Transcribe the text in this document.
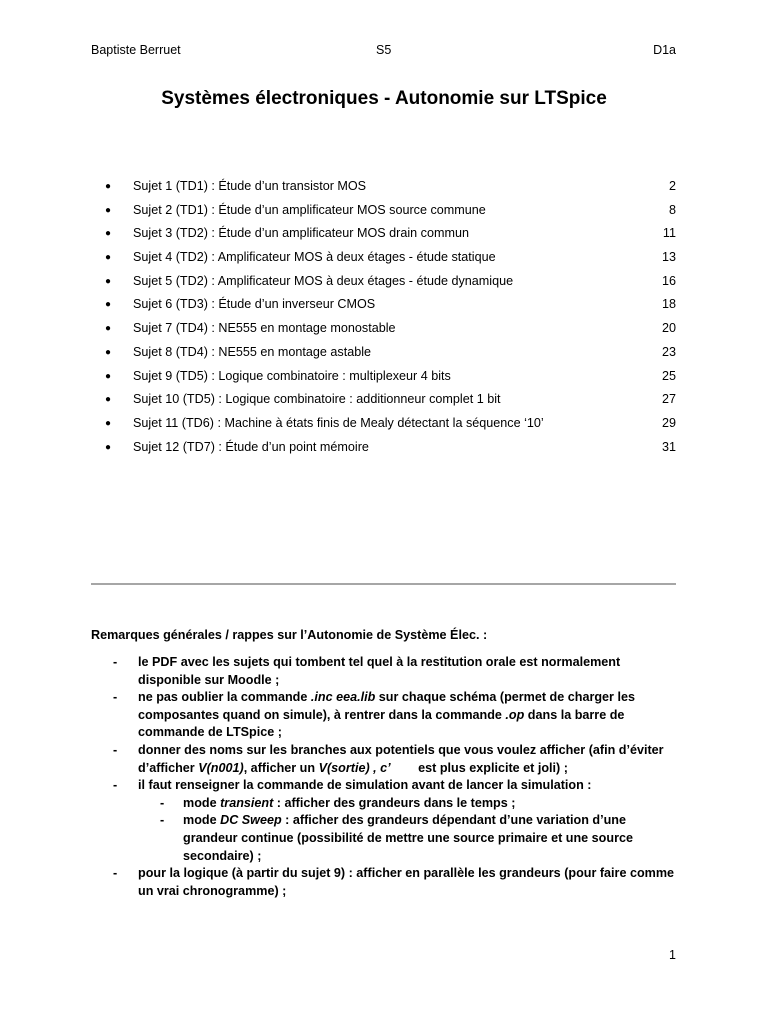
Baptiste Berruet	S5	D1a
Systèmes électroniques - Autonomie sur LTSpice
● Sujet 1 (TD1) : Étude d’un transistor MOS	2
● Sujet 2 (TD1) : Étude d’un amplificateur MOS source commune	8
● Sujet 3 (TD2) : Étude d’un amplificateur MOS drain commun	11
● Sujet 4 (TD2) : Amplificateur MOS à deux étages - étude statique	13
● Sujet 5 (TD2) : Amplificateur MOS à deux étages - étude dynamique	16
● Sujet 6 (TD3) : Étude d’un inverseur CMOS	18
● Sujet 7 (TD4) : NE555 en montage monostable	20
● Sujet 8 (TD4) : NE555 en montage astable	23
● Sujet 9 (TD5) : Logique combinatoire : multiplexeur 4 bits	25
● Sujet 10 (TD5) : Logique combinatoire : additionneur complet 1 bit	27
● Sujet 11 (TD6) : Machine à états finis de Mealy détectant la séquence ‘10’	29
● Sujet 12 (TD7) : Étude d’un point mémoire	31
Remarques générales / rappes sur l’Autonomie de Système Élec. :
- le PDF avec les sujets qui tombent tel quel à la restitution orale est normalement disponible sur Moodle ;
- ne pas oublier la commande .inc eea.lib sur chaque schéma (permet de charger les composantes quand on simule), à rentrer dans la commande .op dans la barre de commande de LTSpice ;
- donner des noms sur les branches aux potentiels que vous voulez afficher (afin d’éviter d’afficher V(n001), afficher un V(sortie) , c’ est plus explicite et joli) ;
- il faut renseigner la commande de simulation avant de lancer la simulation :
- mode transient : afficher des grandeurs dans le temps ;
- mode DC Sweep : afficher des grandeurs dépendant d’une variation d’une grandeur continue (possibilité de mettre une source primaire et une source secondaire) ;
- pour la logique (à partir du sujet 9) : afficher en parallèle les grandeurs (pour faire comme un vrai chronogramme) ;
1
